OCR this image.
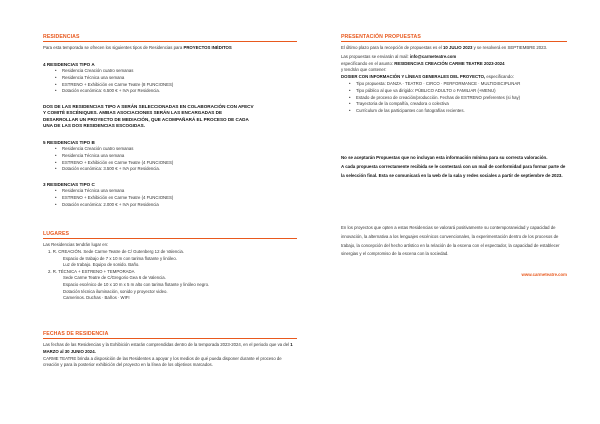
RESIDENCIAS

Para esta temporada se ofrecen los siguientes tipos de Residencias para PROYECTOS INÉDITOS

4 RESIDENCIAS TIPO A
• Residencia Creación cuatro semanas
• Residencia Técnica una semana
• ESTRENO + Exhibición en Carme Teatre (8 FUNCIONES)
• Dotación económica: 6.500 € + IVA por Residencia.
DOS DE LAS RESIDENCIAS TIPO A SERÁN SELECCIONADAS EN COLABORACIÓN CON AFECV Y COMITÉ ESCÉNIQUES. AMBAS ASOCIACIONES SERÁN LAS ENCARGADAS DE DESARROLLAR UN PROYECTO DE MEDIACIÓN, QUE ACOMPAÑARÁ EL PROCESO DE CADA UNA DE LAS DOS RESIDENCIAS ESCOGIDAS.
5 RESIDENCIAS TIPO B
• Residencia Creación cuatro semanas
• Residencia Técnica una semana
• ESTRENO + Exhibición en Carme Teatre (4 FUNCIONES)
• Dotación económica: 3.500 € + IVA por Residencia.
3 RESIDENCIAS TIPO C
• Residencia Técnica una semana
• ESTRENO + Exhibición en Carme Teatre (4 FUNCIONES)
• Dotación económica: 2.000 € + IVA por Residencia
LUGARES

Las Residencias tendrán lugar en:

1. R. CREACIÓN. Sede Carme Teatre de C/ Gutenberg 12 de Valencia.

Espacio de trabajo de 7 x 10 m con tarima flotante y linóleo.

Luz de trabajo. Equipo de sonido. Baño.

2. R. TÉCNICA + ESTRENO + TEMPORADA

Sede Carme Teatre de C/Gregorio Gea 6 de Valencia.

Espacio escénico de 10 x 10 m x 5 m alto con tarima flotante y linóleo negro.

Dotación técnica iluminación, sonido y proyector video.

Camerinos. Duchas · Baños · WIFI

FECHAS DE RESIDENCIA

Las fechas de las Residencias y la Exhibición estarán comprendidas dentro de la temporada 2023-2024, en el periodo que va del 1 MARZO al 30 JUNIO 2024.

CARME TEATRE brinda a disposición de las Residentes a apoyar y los medios de qué pueda disponer durante el proceso de creación y para la posterior exhibición del proyecto en la línea de los objetivos marcados.

PRESENTACIÓN PROPUESTAS

El último plazo para la recepción de propuestas es el 10 JULIO 2023 y se resolverá en SEPTIEMBRE 2023.

Las propuestas se enviarán al mail: info@carmeteatre.com

especificando en el asunto: RESIDENCIAS CREACIÓN CARME TEATRE 2023-2024

y tendrán que contener:

DOSIER CON INFORMACIÓN Y LÍNEAS GENERALES DEL PROYECTO, especificando:

• Tipo propuesta: DANZA · TEATRO · CIRCO · PERFORMANCE · MULTIDISCIPLINAR
• Tipo público al que va dirigido: PÚBLICO ADULTO o FAMILIAR (+MENU)
• Estado de proceso de creación/producción. Fechas de ESTRENO preferentes (si hay)
• Trayectoria de la compañía, creadora o colectiva
• Currículum de las participantes con fotografías recientes.

No se aceptarán Propuestas que no incluyan esta información mínima para su correcta valoración.

A cada propuesta correctamente recibida se le contestará con un mail de conformidad para formar parte de la selección final. Esta se comunicará en la web de la sala y redes sociales a partir de septiembre de 2023.

En los proyectos que opten a estas Residencias se valorará positivamente su contemporaneidad y capacidad de innovación, la alternativa a los lenguajes escénicos convencionales, la experimentación dentro de los procesos de trabajo, la concepción del hecho artístico en la relación de la escena con el espectador, la capacidad de establecer sinergias y el compromiso de la escena con la sociedad.

www.carmeteatre.com
